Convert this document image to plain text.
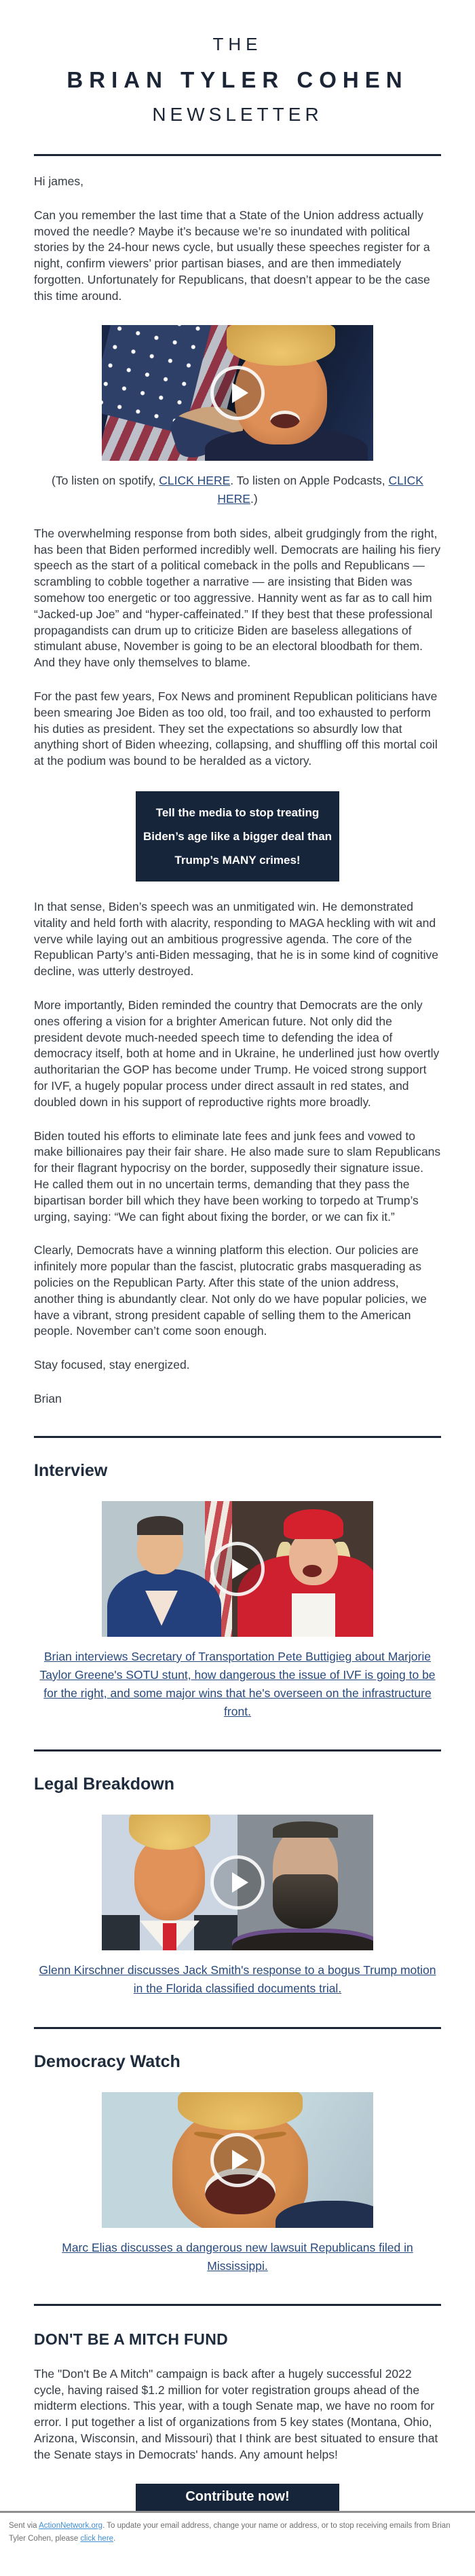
THE
BRIAN TYLER COHEN
NEWSLETTER

Hi james,

Can you remember the last time that a State of the Union address actually moved the needle? Maybe it’s because we’re so inundated with political stories by the 24-hour news cycle, but usually these speeches register for a night, confirm viewers’ prior partisan biases, and are then immediately forgotten. Unfortunately for Republicans, that doesn’t appear to be the case this time around.

(To listen on spotify, CLICK HERE. To listen on Apple Podcasts, CLICK HERE.)

The overwhelming response from both sides, albeit grudgingly from the right, has been that Biden performed incredibly well. Democrats are hailing his fiery speech as the start of a political comeback in the polls and Republicans — scrambling to cobble together a narrative — are insisting that Biden was somehow too energetic or too aggressive. Hannity went as far as to call him “Jacked-up Joe” and “hyper-caffeinated.” If they best that these professional propagandists can drum up to criticize Biden are baseless allegations of stimulant abuse, November is going to be an electoral bloodbath for them. And they have only themselves to blame.

For the past few years, Fox News and prominent Republican politicians have been smearing Joe Biden as too old, too frail, and too exhausted to perform his duties as president. They set the expectations so absurdly low that anything short of Biden wheezing, collapsing, and shuffling off this mortal coil at the podium was bound to be heralded as a victory.

Tell the media to stop treating
Biden’s age like a bigger deal than
Trump’s MANY crimes!

In that sense, Biden’s speech was an unmitigated win. He demonstrated vitality and held forth with alacrity, responding to MAGA heckling with wit and verve while laying out an ambitious progressive agenda. The core of the Republican Party’s anti-Biden messaging, that he is in some kind of cognitive decline, was utterly destroyed.

More importantly, Biden reminded the country that Democrats are the only ones offering a vision for a brighter American future. Not only did the president devote much-needed speech time to defending the idea of democracy itself, both at home and in Ukraine, he underlined just how overtly authoritarian the GOP has become under Trump. He voiced strong support for IVF, a hugely popular process under direct assault in red states, and doubled down in his support of reproductive rights more broadly.

Biden touted his efforts to eliminate late fees and junk fees and vowed to make billionaires pay their fair share. He also made sure to slam Republicans for their flagrant hypocrisy on the border, supposedly their signature issue. He called them out in no uncertain terms, demanding that they pass the bipartisan border bill which they have been working to torpedo at Trump’s urging, saying: “We can fight about fixing the border, or we can fix it.”

Clearly, Democrats have a winning platform this election. Our policies are infinitely more popular than the fascist, plutocratic grabs masquerading as policies on the Republican Party. After this state of the union address, another thing is abundantly clear. Not only do we have popular policies, we have a vibrant, strong president capable of selling them to the American people. November can’t come soon enough.

Stay focused, stay energized.

Brian

Interview
Brian interviews Secretary of Transportation Pete Buttigieg about Marjorie Taylor Greene's SOTU stunt, how dangerous the issue of IVF is going to be for the right, and some major wins that he's overseen on the infrastructure front.
Legal Breakdown
Glenn Kirschner discusses Jack Smith's response to a bogus Trump motion in the Florida classified documents trial.
Democracy Watch
Marc Elias discusses a dangerous new lawsuit Republicans filed in Mississippi.
DON'T BE A MITCH FUND

The "Don't Be A Mitch" campaign is back after a hugely successful 2022 cycle, having raised $1.2 million for voter registration groups ahead of the midterm elections. This year, with a tough Senate map, we have no room for error. I put together a list of organizations from 5 key states (Montana, Ohio, Arizona, Wisconsin, and Missouri) that I think are best situated to ensure that the Senate stays in Democrats' hands. Any amount helps!

Contribute now!
Sent via ActionNetwork.org. To update your email address, change your name or address, or to stop receiving emails from Brian Tyler Cohen, please click here.
